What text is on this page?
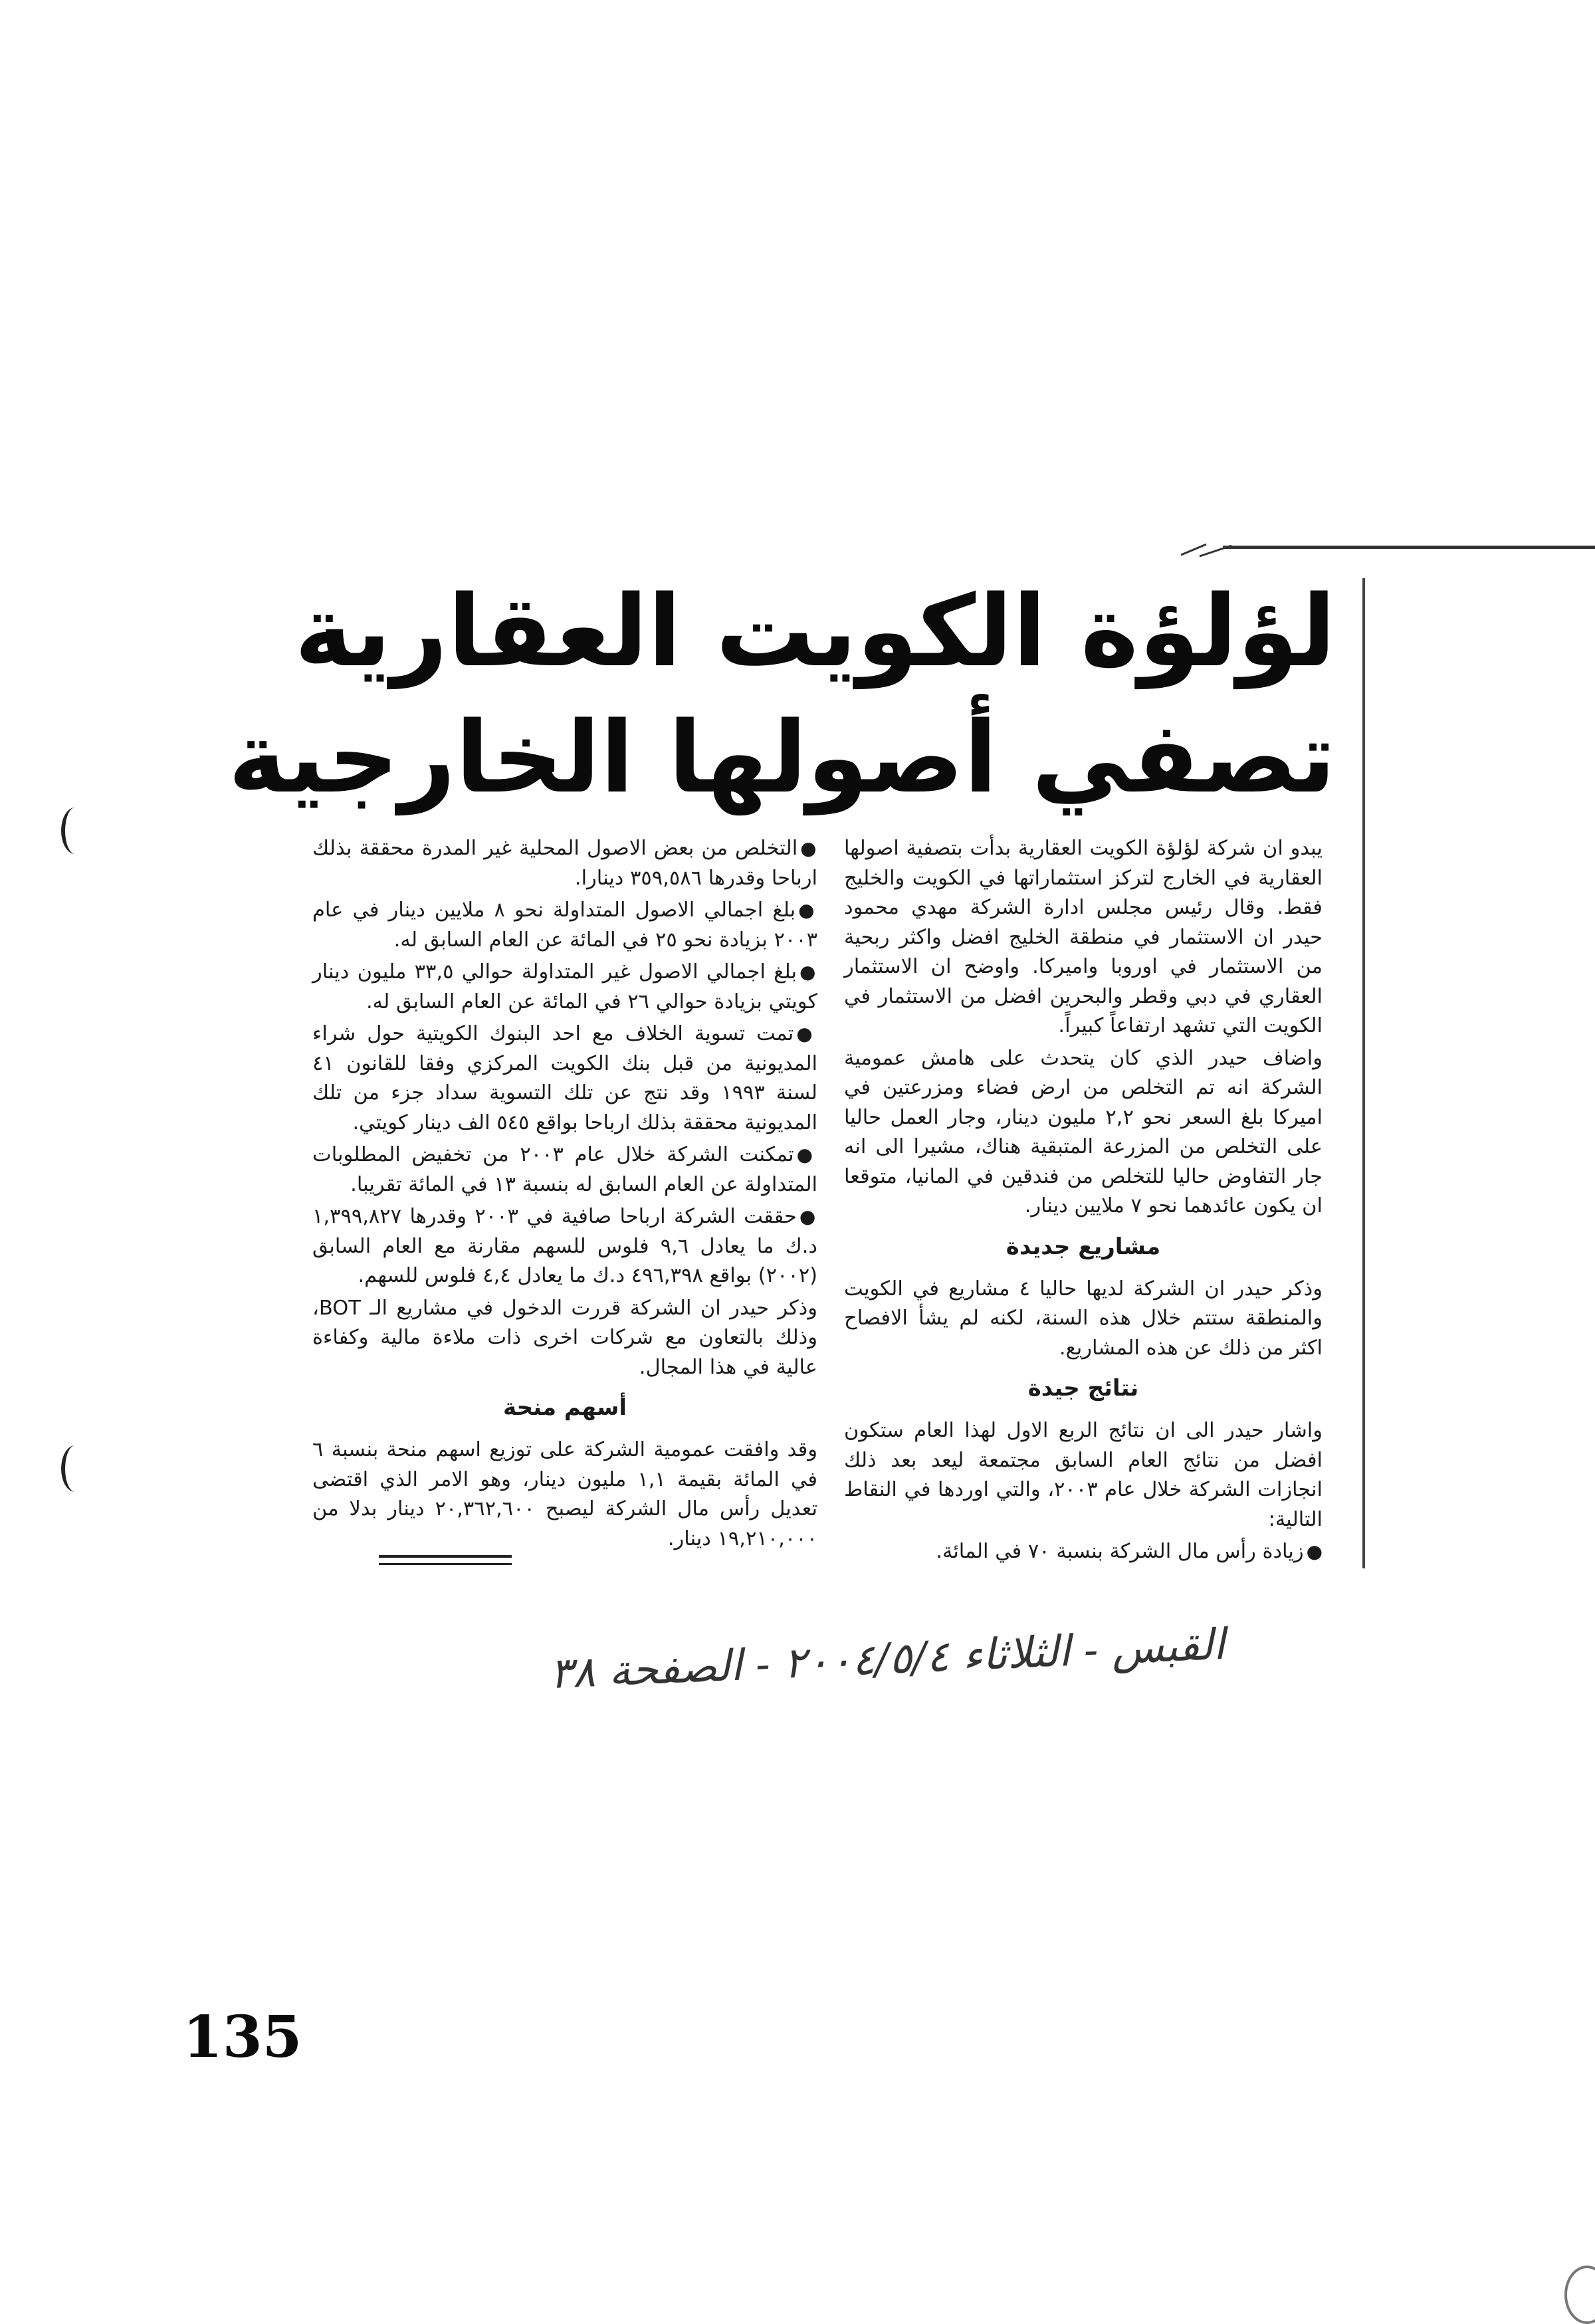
لؤلؤة الكويت العقارية
تصفي أصولها الخارجية

يبدو ان شركة لؤلؤة الكويت العقارية بدأت بتصفية اصولها العقارية في الخارج لتركز استثماراتها في الكويت والخليج فقط. وقال رئيس مجلس ادارة الشركة مهدي محمود حيدر ان الاستثمار في منطقة الخليج افضل واكثر ربحية من الاستثمار في اوروبا واميركا. واوضح ان الاستثمار العقاري في دبي وقطر والبحرين افضل من الاستثمار في الكويت التي تشهد ارتفاعاً كبيراً.

واضاف حيدر الذي كان يتحدث على هامش عمومية الشركة انه تم التخلص من ارض فضاء ومزرعتين في اميركا بلغ السعر نحو ٢,٢ مليون دينار، وجار العمل حاليا على التخلص من المزرعة المتبقية هناك، مشيرا الى انه جار التفاوض حاليا للتخلص من فندقين في المانيا، متوقعا ان يكون عائدهما نحو ٧ ملايين دينار.

مشاريع جديدة

وذكر حيدر ان الشركة لديها حاليا ٤ مشاريع في الكويت والمنطقة ستتم خلال هذه السنة، لكنه لم يشأ الافصاح اكثر من ذلك عن هذه المشاريع.

نتائج جيدة

واشار حيدر الى ان نتائج الربع الاول لهذا العام ستكون افضل من نتائج العام السابق مجتمعة ليعد بعد ذلك انجازات الشركة خلال عام ٢٠٠٣، والتي اوردها في النقاط التالية:

● زيادة رأس مال الشركة بنسبة ٧٠ في المائة.

● التخلص من بعض الاصول المحلية غير المدرة محققة بذلك ارباحا وقدرها ٣٥٩,٥٨٦ دينارا.

● بلغ اجمالي الاصول المتداولة نحو ٨ ملايين دينار في عام ٢٠٠٣ بزيادة نحو ٢٥ في المائة عن العام السابق له.

● بلغ اجمالي الاصول غير المتداولة حوالي ٣٣,٥ مليون دينار كويتي بزيادة حوالي ٢٦ في المائة عن العام السابق له.

● تمت تسوية الخلاف مع احد البنوك الكويتية حول شراء المديونية من قبل بنك الكويت المركزي وفقا للقانون ٤١ لسنة ١٩٩٣ وقد نتج عن تلك التسوية سداد جزء من تلك المديونية محققة بذلك ارباحا بواقع ٥٤٥ الف دينار كويتي.

● تمكنت الشركة خلال عام ٢٠٠٣ من تخفيض المطلوبات المتداولة عن العام السابق له بنسبة ١٣ في المائة تقريبا.

● حققت الشركة ارباحا صافية في ٢٠٠٣ وقدرها ١,٣٩٩,٨٢٧ د.ك ما يعادل ٩,٦ فلوس للسهم مقارنة مع العام السابق (٢٠٠٢) بواقع ٤٩٦,٣٩٨ د.ك ما يعادل ٤,٤ فلوس للسهم.

وذكر حيدر ان الشركة قررت الدخول في مشاريع الـ BOT، وذلك بالتعاون مع شركات اخرى ذات ملاءة مالية وكفاءة عالية في هذا المجال.

أسهم منحة

وقد وافقت عمومية الشركة على توزيع اسهم منحة بنسبة ٦ في المائة بقيمة ١,١ مليون دينار، وهو الامر الذي اقتضى تعديل رأس مال الشركة ليصبح ٢٠,٣٦٢,٦٠٠ دينار بدلا من ١٩,٢١٠,٠٠٠ دينار.

القبس - الثلاثاء ٢٠٠٤/٥/٤ - الصفحة ٣٨
135
